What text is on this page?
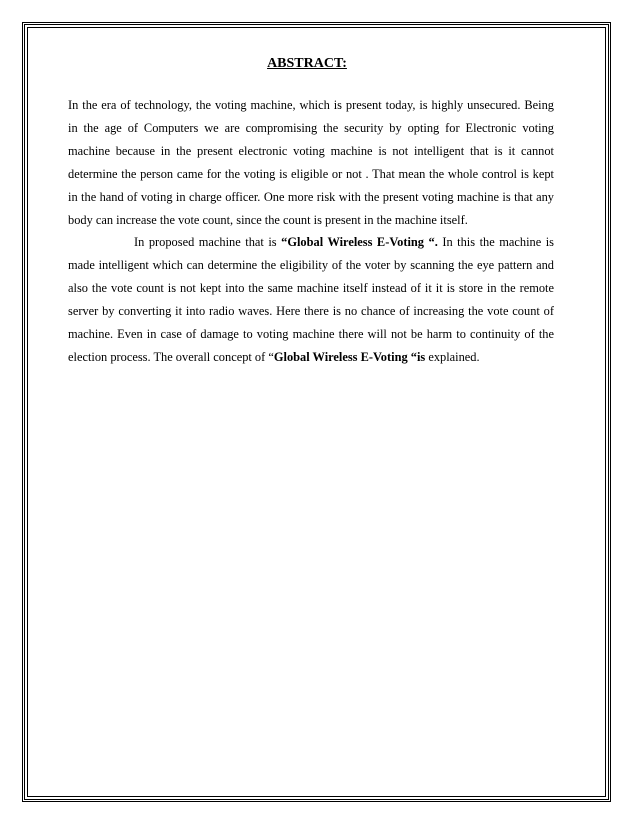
ABSTRACT:

In the era of technology, the voting machine, which is present today, is highly unsecured. Being in the age of Computers we are compromising the security by opting for Electronic voting machine because in the present electronic voting machine is not intelligent that is it cannot determine the person came for the voting is eligible or not . That mean the whole control is kept in the hand of voting in charge officer. One more risk with the present voting machine is that any body can increase the vote count, since the count is present in the machine itself.

In proposed machine that is “Global Wireless E-Voting “. In this the machine is made intelligent which can determine the eligibility of the voter by scanning the eye pattern and also the vote count is not kept into the same machine itself instead of it it is store in the remote server by converting it into radio waves. Here there is no chance of increasing the vote count of machine. Even in case of damage to voting machine there will not be harm to continuity of the election process. The overall concept of “Global Wireless E-Voting “is explained.
